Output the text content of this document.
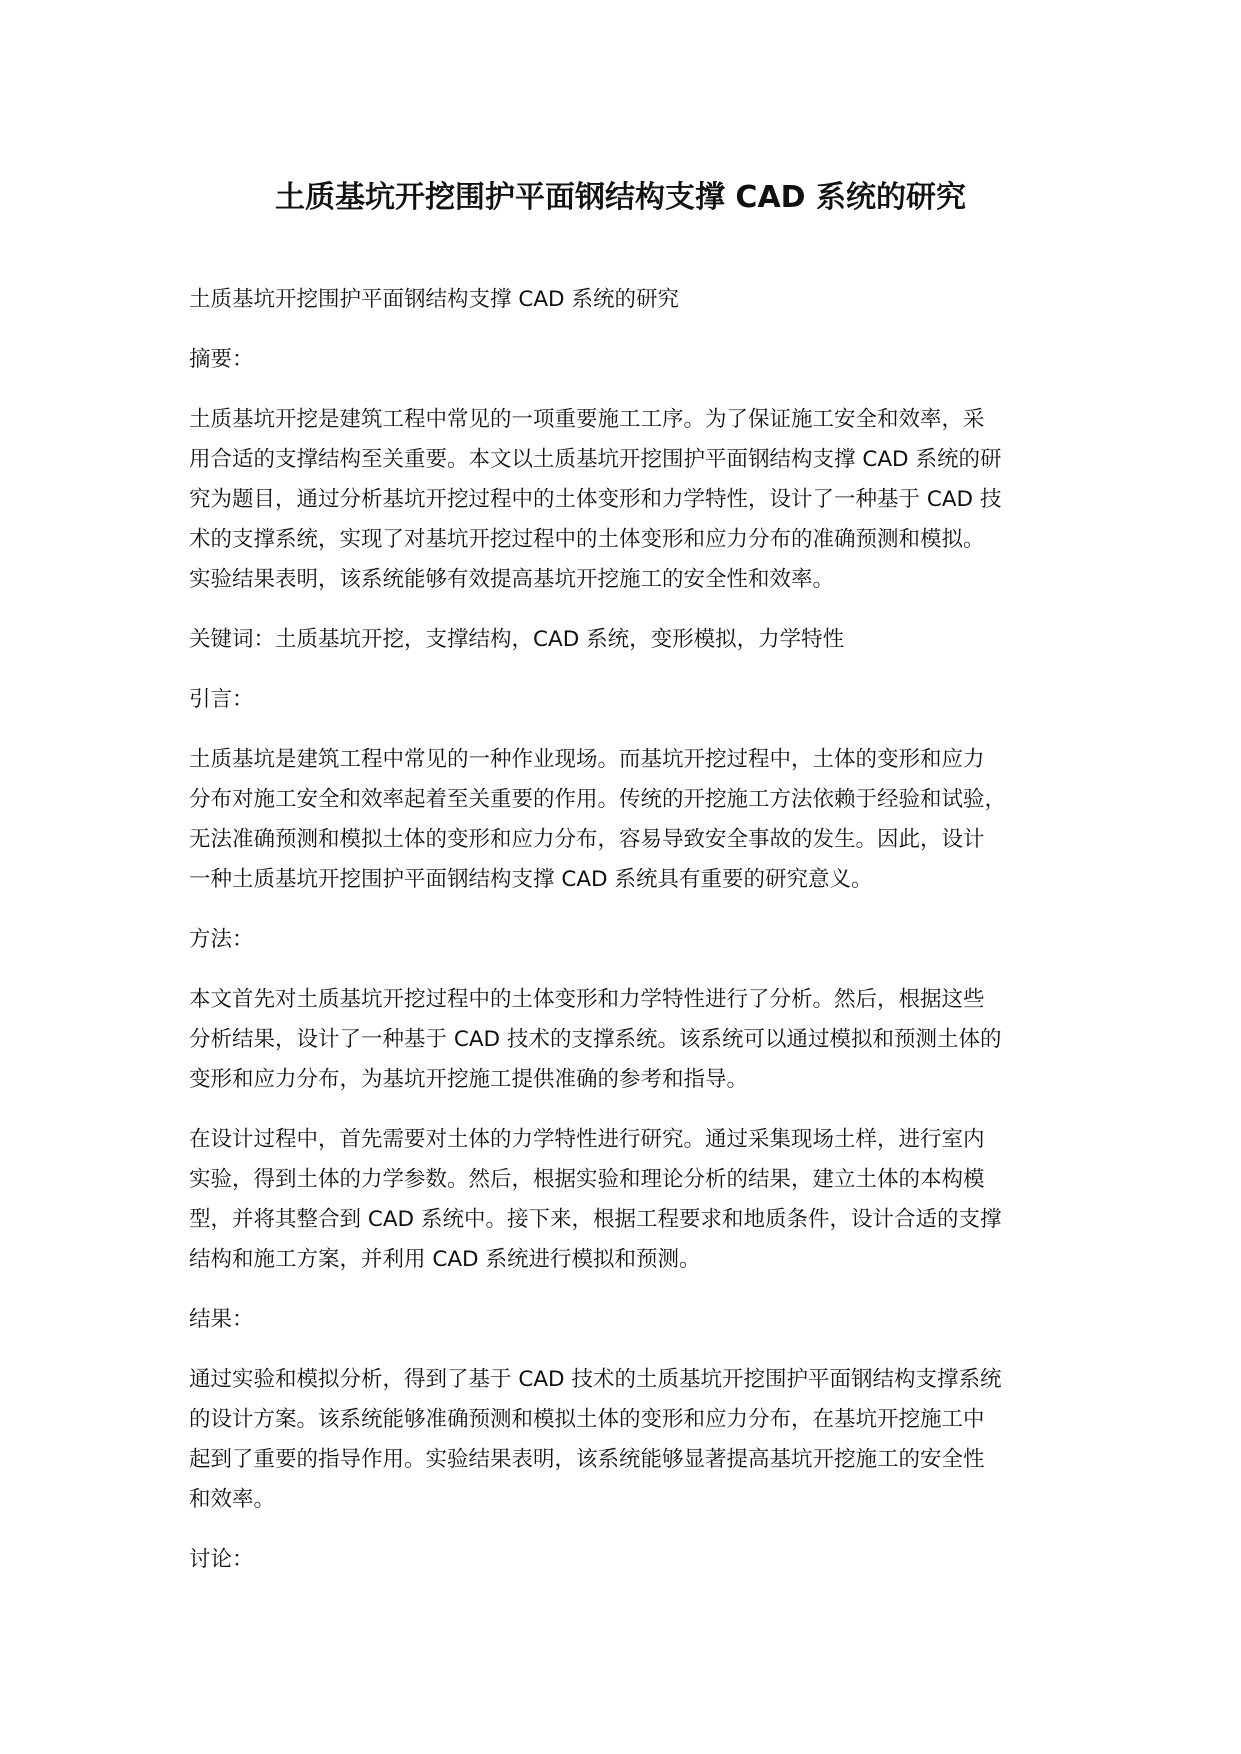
土质基坑开挖围护平面钢结构支撑 CAD 系统的研究

土质基坑开挖围护平面钢结构支撑 CAD 系统的研究

摘要：

土质基坑开挖是建筑工程中常见的一项重要施工工序。为了保证施工安全和效率，采
用合适的支撑结构至关重要。本文以土质基坑开挖围护平面钢结构支撑 CAD 系统的研
究为题目，通过分析基坑开挖过程中的土体变形和力学特性，设计了一种基于 CAD 技
术的支撑系统，实现了对基坑开挖过程中的土体变形和应力分布的准确预测和模拟。
实验结果表明，该系统能够有效提高基坑开挖施工的安全性和效率。

关键词：土质基坑开挖，支撑结构，CAD 系统，变形模拟，力学特性

引言：

土质基坑是建筑工程中常见的一种作业现场。而基坑开挖过程中，土体的变形和应力
分布对施工安全和效率起着至关重要的作用。传统的开挖施工方法依赖于经验和试验，
无法准确预测和模拟土体的变形和应力分布，容易导致安全事故的发生。因此，设计
一种土质基坑开挖围护平面钢结构支撑 CAD 系统具有重要的研究意义。

方法：

本文首先对土质基坑开挖过程中的土体变形和力学特性进行了分析。然后，根据这些
分析结果，设计了一种基于 CAD 技术的支撑系统。该系统可以通过模拟和预测土体的
变形和应力分布，为基坑开挖施工提供准确的参考和指导。

在设计过程中，首先需要对土体的力学特性进行研究。通过采集现场土样，进行室内
实验，得到土体的力学参数。然后，根据实验和理论分析的结果，建立土体的本构模
型，并将其整合到 CAD 系统中。接下来，根据工程要求和地质条件，设计合适的支撑
结构和施工方案，并利用 CAD 系统进行模拟和预测。

结果：

通过实验和模拟分析，得到了基于 CAD 技术的土质基坑开挖围护平面钢结构支撑系统
的设计方案。该系统能够准确预测和模拟土体的变形和应力分布，在基坑开挖施工中
起到了重要的指导作用。实验结果表明，该系统能够显著提高基坑开挖施工的安全性
和效率。

讨论：
